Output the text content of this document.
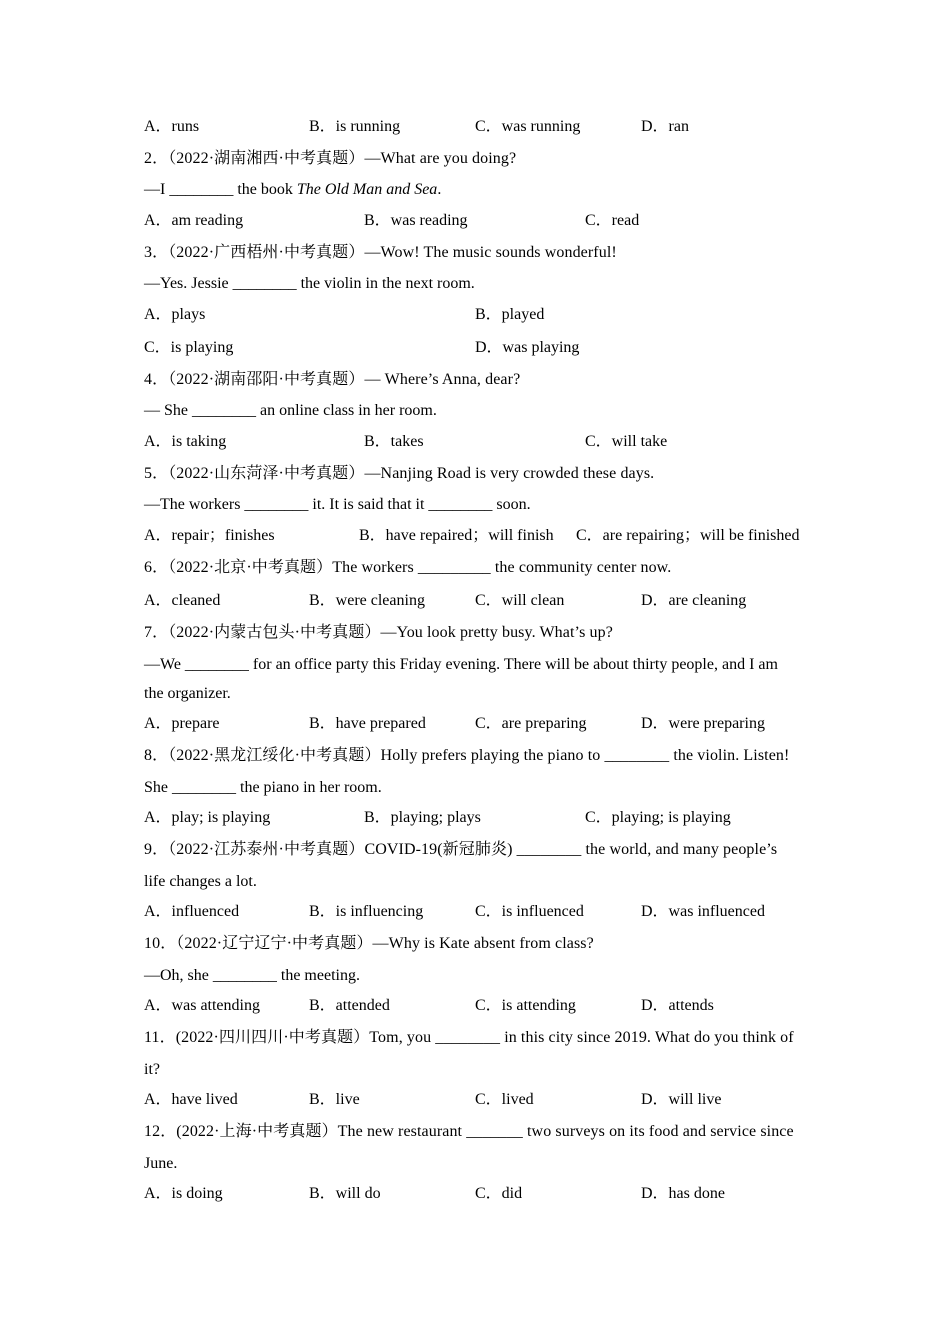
A．runs	B．is running	C．was running	D．ran
2．（2022·湖南湘西·中考真题）—What are you doing?
—I ________ the book The Old Man and Sea.
A．am reading	B．was reading	C．read
3．（2022·广西梧州·中考真题）—Wow! The music sounds wonderful!
—Yes. Jessie ________ the violin in the next room.
A．plays	B．played
C．is playing	D．was playing
4．（2022·湖南邵阳·中考真题）— Where’s Anna, dear?
— She ________ an online class in her room.
A．is taking	B．takes	C．will take
5．（2022·山东菏泽·中考真题）—Nanjing Road is very crowded these days.
—The workers ________ it. It is said that it ________ soon.
A．repair；finishes	B．have repaired；will finish C．are repairing；will be finished
6．（2022·北京·中考真题）The workers _________ the community center now.
A．cleaned	B．were cleaning	C．will clean	D．are cleaning
7．（2022·内蒙古包头·中考真题）—You look pretty busy. What’s up?
—We ________ for an office party this Friday evening. There will be about thirty people, and I am
the organizer.
A．prepare	B．have prepared	C．are preparing	D．were preparing
8．（2022·黑龙江绥化·中考真题）Holly prefers playing the piano to ________ the violin. Listen!
She ________ the piano in her room.
A．play; is playing	B．playing; plays	C．playing; is playing
9．（2022·江苏泰州·中考真题）COVID-19(新冠肺炎) ________ the world, and many people’s
life changes a lot.
A．influenced	B．is influencing	C．is influenced	D．was influenced
10．（2022·辽宁辽宁·中考真题）—Why is Kate absent from class?
—Oh, she ________ the meeting.
A．was attending	B．attended	C．is attending	D．attends
11．(2022·四川四川·中考真题）Tom, you ________ in this city since 2019. What do you think of
it?
A．have lived	B．live	C．lived	D．will live
12．(2022·上海·中考真题）The new restaurant _______ two surveys on its food and service since
June.
A．is doing	B．will do	C．did	D．has done
